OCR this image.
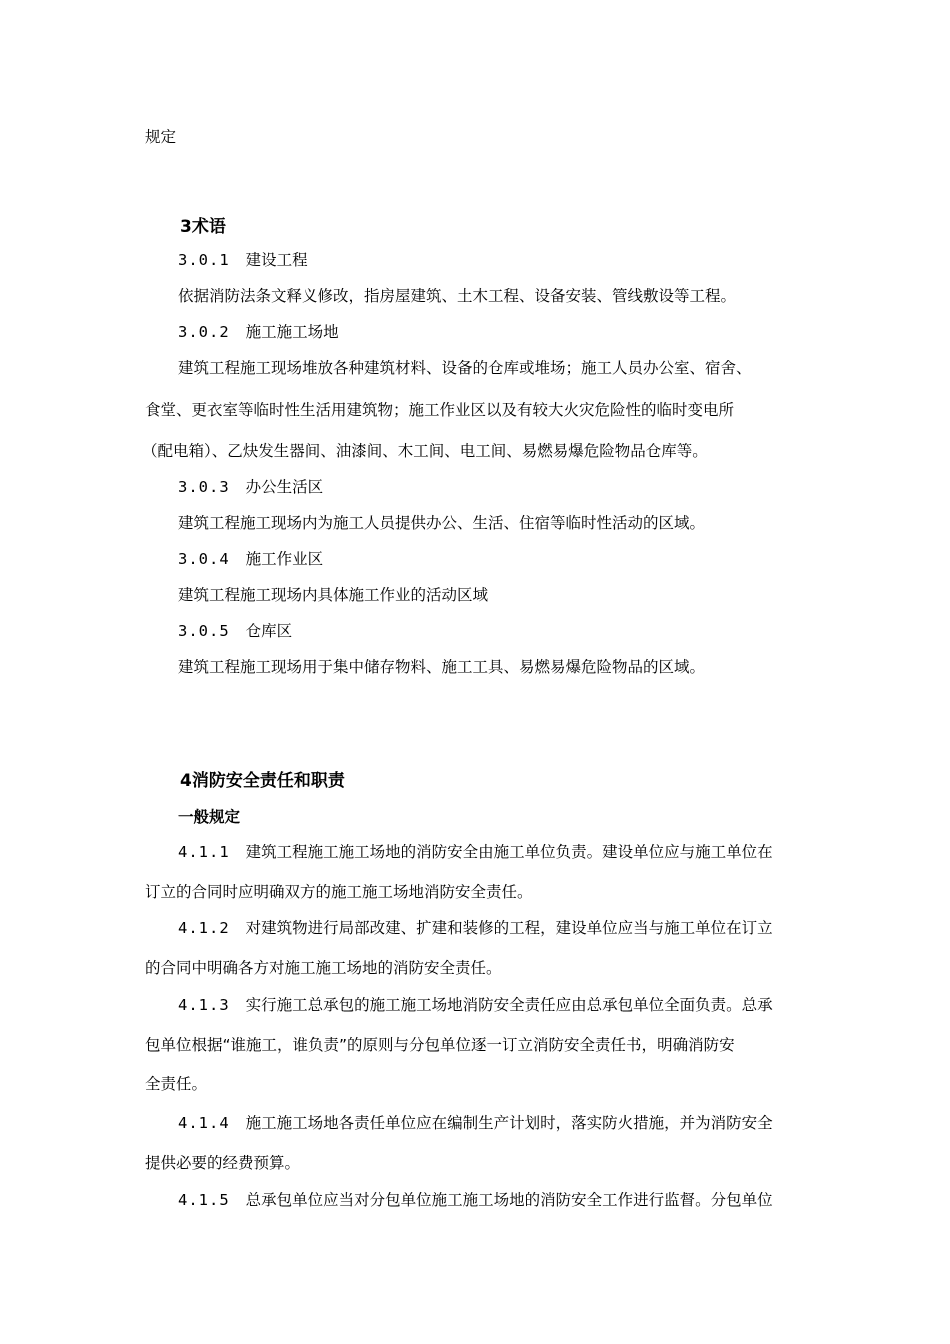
规定
3术语
3.0.1 建设工程
依据消防法条文释义修改，指房屋建筑、土木工程、设备安装、管线敷设等工程。
3.0.2 施工施工场地
建筑工程施工现场堆放各种建筑材料、设备的仓库或堆场；施工人员办公室、宿舍、
食堂、更衣室等临时性生活用建筑物；施工作业区以及有较大火灾危险性的临时变电所
（配电箱）、乙炔发生器间、油漆间、木工间、电工间、易燃易爆危险物品仓库等。
3.0.3 办公生活区
建筑工程施工现场内为施工人员提供办公、生活、住宿等临时性活动的区域。
3.0.4 施工作业区
建筑工程施工现场内具体施工作业的活动区域
3.0.5 仓库区
建筑工程施工现场用于集中储存物料、施工工具、易燃易爆危险物品的区域。
4消防安全责任和职责
一般规定
4.1.1 建筑工程施工施工场地的消防安全由施工单位负责。建设单位应与施工单位在
订立的合同时应明确双方的施工施工场地消防安全责任。
4.1.2 对建筑物进行局部改建、扩建和装修的工程，建设单位应当与施工单位在订立
的合同中明确各方对施工施工场地的消防安全责任。
4.1.3 实行施工总承包的施工施工场地消防安全责任应由总承包单位全面负责。总承
包单位根据“谁施工，谁负责”的原则与分包单位逐一订立消防安全责任书，明确消防安
全责任。
4.1.4 施工施工场地各责任单位应在编制生产计划时，落实防火措施，并为消防安全
提供必要的经费预算。
4.1.5 总承包单位应当对分包单位施工施工场地的消防安全工作进行监督。分包单位
